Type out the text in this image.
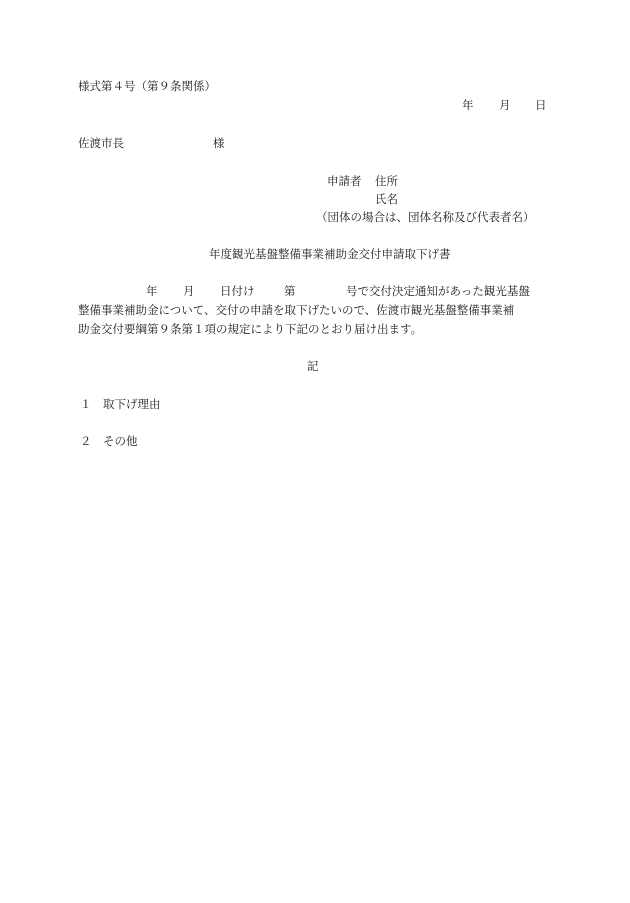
様式第４号（第９条関係）
年 月 日
佐渡市長	様
申請者 住所
氏名
（団体の場合は、団体名称及び代表者名）
年度観光基盤整備事業補助金交付申請取下げ書
年 月 日付け	第	号で交付決定通知があった観光基盤
整備事業補助金について、交付の申請を取下げたいので、佐渡市観光基盤整備事業補
助金交付要綱第９条第１項の規定により下記のとおり届け出ます。
記
１ 取下げ理由
２ その他
